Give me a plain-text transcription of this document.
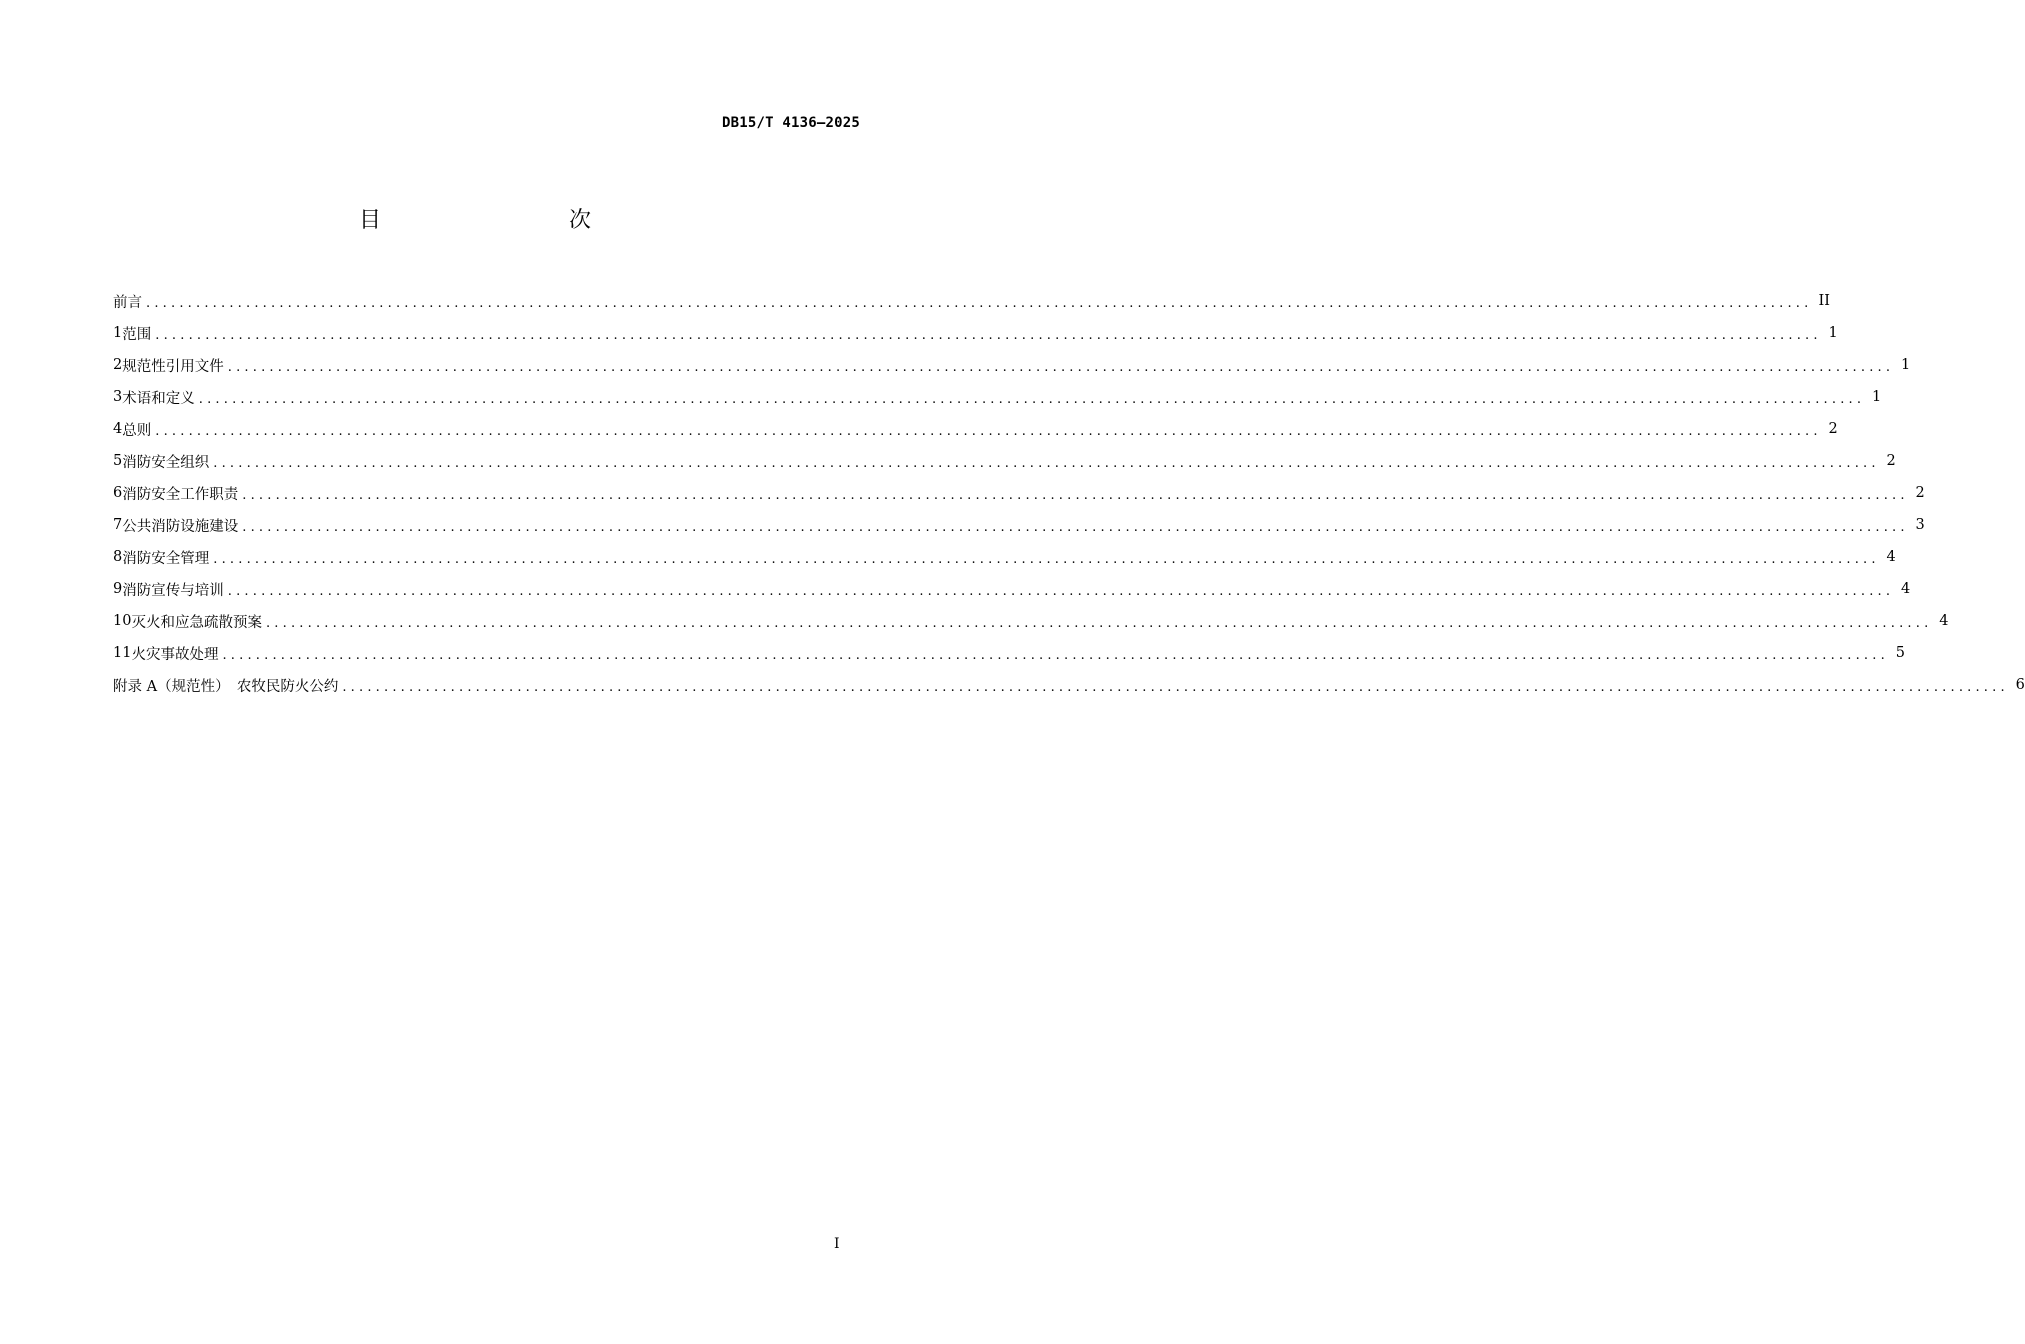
DB15/T 4136—2025
目　　次
前言 ........................................................................................................................................................................................................ II
1 范围 ........................................................................................................................................................................................................ 1
2 规范性引用文件 ........................................................................................................................................................................................................ 1
3 术语和定义 ........................................................................................................................................................................................................ 1
4 总则 ........................................................................................................................................................................................................ 2
5 消防安全组织 ........................................................................................................................................................................................................ 2
6 消防安全工作职责 ........................................................................................................................................................................................................ 2
7 公共消防设施建设 ........................................................................................................................................................................................................ 3
8 消防安全管理 ........................................................................................................................................................................................................ 4
9 消防宣传与培训 ........................................................................................................................................................................................................ 4
10 灭火和应急疏散预案 ........................................................................................................................................................................................................ 4
11 火灾事故处理 ........................................................................................................................................................................................................ 5
附录 A（规范性）　农牧民防火公约 ........................................................................................................................................................................................................ 6
I
